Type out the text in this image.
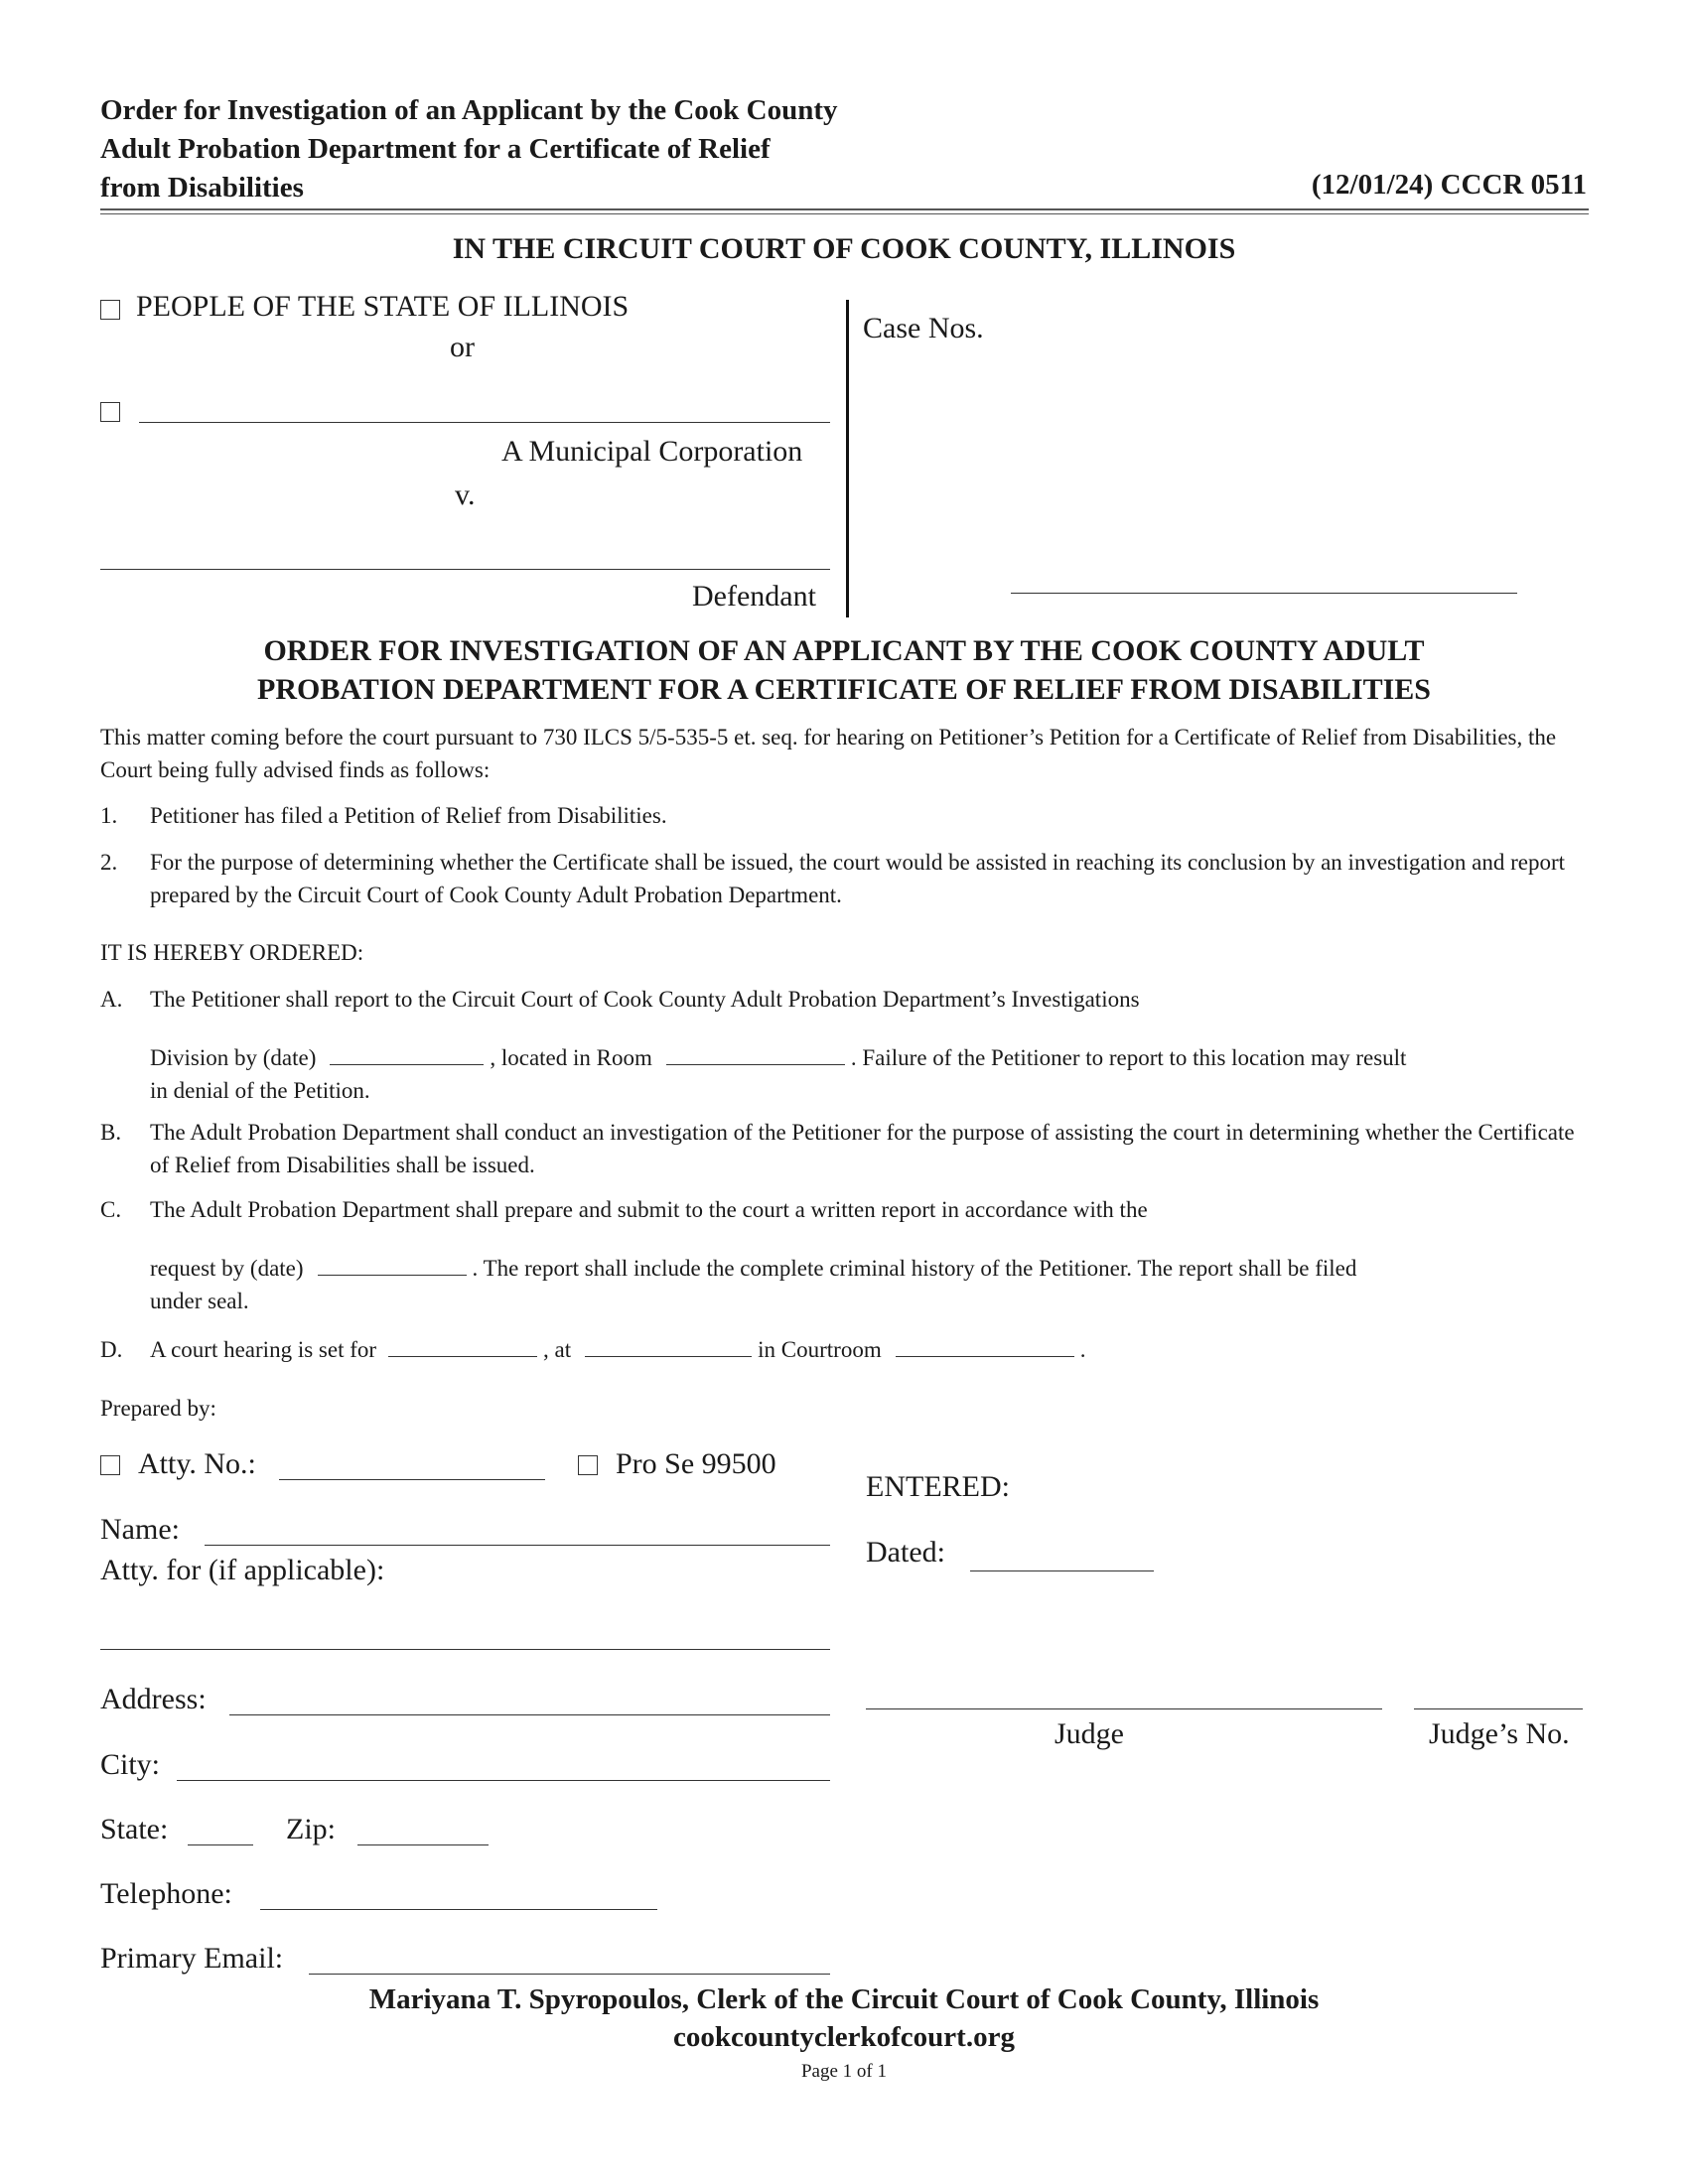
Order for Investigation of an Applicant by the Cook County
Adult Probation Department for a Certificate of Relief
from Disabilities	(12/01/24) CCCR 0511
IN THE CIRCUIT COURT OF COOK COUNTY, ILLINOIS
PEOPLE OF THE STATE OF ILLINOIS
or
A Municipal Corporation
v.
Defendant
Case Nos.
ORDER FOR INVESTIGATION OF AN APPLICANT BY THE COOK COUNTY ADULT
PROBATION DEPARTMENT FOR A CERTIFICATE OF RELIEF FROM DISABILITIES
This matter coming before the court pursuant to 730 ILCS 5/5-535-5 et. seq. for hearing on Petitioner’s Petition for a Certificate of Relief from Disabilities, the Court being fully advised finds as follows:
1. Petitioner has filed a Petition of Relief from Disabilities.
2. For the purpose of determining whether the Certificate shall be issued, the court would be assisted in reaching its conclusion by an investigation and report prepared by the Circuit Court of Cook County Adult Probation Department.
IT IS HEREBY ORDERED:
A. The Petitioner shall report to the Circuit Court of Cook County Adult Probation Department’s Investigations
Division by (date)	, located in Room	. Failure of the Petitioner to report to this location may result
in denial of the Petition.
B. The Adult Probation Department shall conduct an investigation of the Petitioner for the purpose of assisting the court in determining whether the Certificate of Relief from Disabilities shall be issued.
C. The Adult Probation Department shall prepare and submit to the court a written report in accordance with the
request by (date)	. The report shall include the complete criminal history of the Petitioner. The report shall be filed
under seal.
D. A court hearing is set for	, at	in Courtroom	.
Prepared by:
Atty. No.:	Pro Se 99500
Name:
Atty. for (if applicable):
Address:
City:
State:	Zip:
Telephone:
Primary Email:
ENTERED:
Dated:
Judge	Judge’s No.
Mariyana T. Spyropoulos, Clerk of the Circuit Court of Cook County, Illinois
cookcountyclerkofcourt.org
Page 1 of 1
